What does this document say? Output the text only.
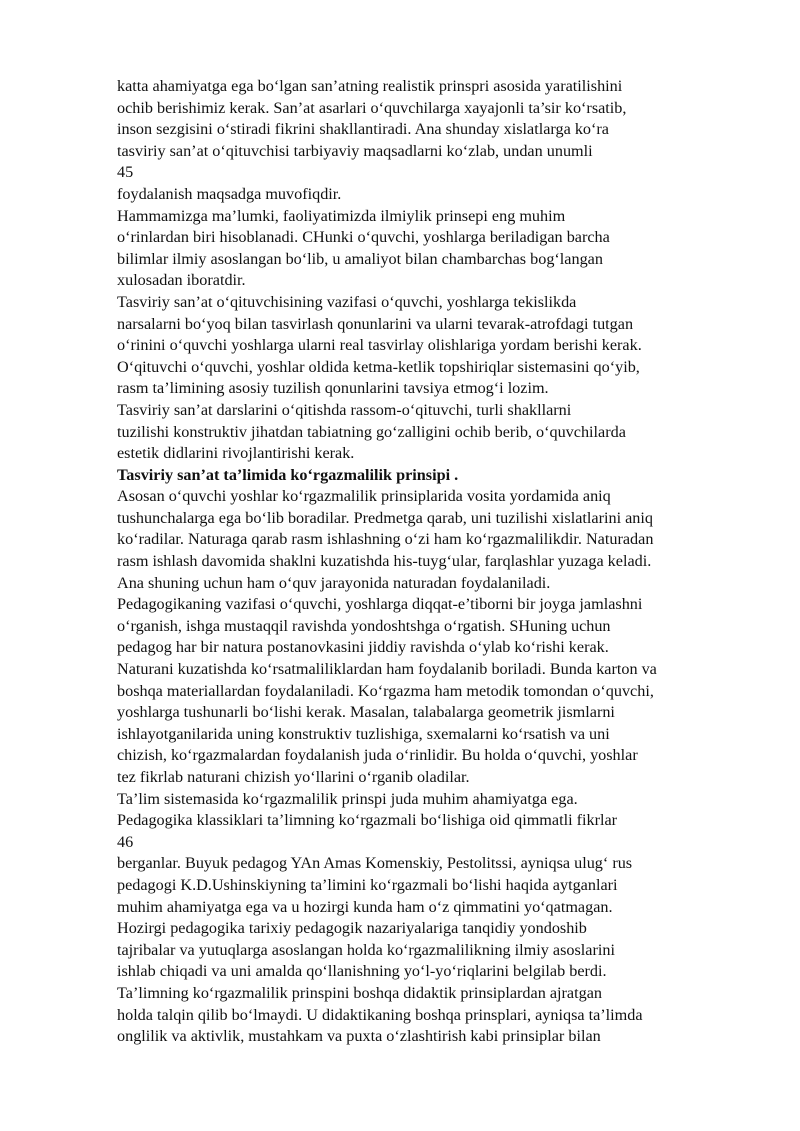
katta ahamiyatga ega bo‘lgan san’atning realistik prinspri asosida yaratilishini
ochib berishimiz kerak. San’at asarlari o‘quvchilarga xayajonli ta’sir ko‘rsatib,
inson sezgisini o‘stiradi fikrini shakllantiradi. Ana shunday xislatlarga ko‘ra
tasviriy san’at o‘qituvchisi tarbiyaviy maqsadlarni ko‘zlab, undan unumli
45
foydalanish maqsadga muvofiqdir.
Hammamizga ma’lumki, faoliyatimizda ilmiylik prinsepi eng muhim
o‘rinlardan biri hisoblanadi. CHunki o‘quvchi, yoshlarga beriladigan barcha
bilimlar ilmiy asoslangan bo‘lib, u amaliyot bilan chambarchas bog‘langan
xulosadan iboratdir.
Tasviriy san’at o‘qituvchisining vazifasi o‘quvchi, yoshlarga tekislikda
narsalarni bo‘yoq bilan tasvirlash qonunlarini va ularni tevarak-atrofdagi tutgan
o‘rinini o‘quvchi yoshlarga ularni real tasvirlay olishlariga yordam berishi kerak.
O‘qituvchi o‘quvchi, yoshlar oldida ketma-ketlik topshiriqlar sistemasini qo‘yib,
rasm ta’limining asosiy tuzilish qonunlarini tavsiya etmog‘i lozim.
Tasviriy san’at darslarini o‘qitishda rassom-o‘qituvchi, turli shakllarni
tuzilishi konstruktiv jihatdan tabiatning go‘zalligini ochib berib, o‘quvchilarda
estetik didlarini rivojlantirishi kerak.
Tasviriy san’at ta’limida ko‘rgazmalilik prinsipi .
Asosan o‘quvchi yoshlar ko‘rgazmalilik prinsiplarida vosita yordamida aniq
tushunchalarga ega bo‘lib boradilar. Predmetga qarab, uni tuzilishi xislatlarini aniq
ko‘radilar. Naturaga qarab rasm ishlashning o‘zi ham ko‘rgazmalilikdir. Naturadan
rasm ishlash davomida shaklni kuzatishda his-tuyg‘ular, farqlashlar yuzaga keladi.
Ana shuning uchun ham o‘quv jarayonida naturadan foydalaniladi.
Pedagogikaning vazifasi o‘quvchi, yoshlarga diqqat-e’tiborni bir joyga jamlashni
o‘rganish, ishga mustaqqil ravishda yondoshtshga o‘rgatish. SHuning uchun
pedagog har bir natura postanovkasini jiddiy ravishda o‘ylab ko‘rishi kerak.
Naturani kuzatishda ko‘rsatmaliliklardan ham foydalanib boriladi. Bunda karton va
boshqa materiallardan foydalaniladi. Ko‘rgazma ham metodik tomondan o‘quvchi,
yoshlarga tushunarli bo‘lishi kerak. Masalan, talabalarga geometrik jismlarni
ishlayotganilarida uning konstruktiv tuzlishiga, sxemalarni ko‘rsatish va uni
chizish, ko‘rgazmalardan foydalanish juda o‘rinlidir. Bu holda o‘quvchi, yoshlar
tez fikrlab naturani chizish yo‘llarini o‘rganib oladilar.
Ta’lim sistemasida ko‘rgazmalilik prinspi juda muhim ahamiyatga ega.
Pedagogika klassiklari ta’limning ko‘rgazmali bo‘lishiga oid qimmatli fikrlar
46
berganlar. Buyuk pedagog YAn Amas Komenskiy, Pestolitssi, ayniqsa ulug‘ rus
pedagogi K.D.Ushinskiyning ta’limini ko‘rgazmali bo‘lishi haqida aytganlari
muhim ahamiyatga ega va u hozirgi kunda ham o‘z qimmatini yo‘qatmagan.
Hozirgi pedagogika tarixiy pedagogik nazariyalariga tanqidiy yondoshib
tajribalar va yutuqlarga asoslangan holda ko‘rgazmalilikning ilmiy asoslarini
ishlab chiqadi va uni amalda qo‘llanishning yo‘l-yo‘riqlarini belgilab berdi.
Ta’limning ko‘rgazmalilik prinspini boshqa didaktik prinsiplardan ajratgan
holda talqin qilib bo‘lmaydi. U didaktikaning boshqa prinsplari, ayniqsa ta’limda
onglilik va aktivlik, mustahkam va puxta o‘zlashtirish kabi prinsiplar bilan
